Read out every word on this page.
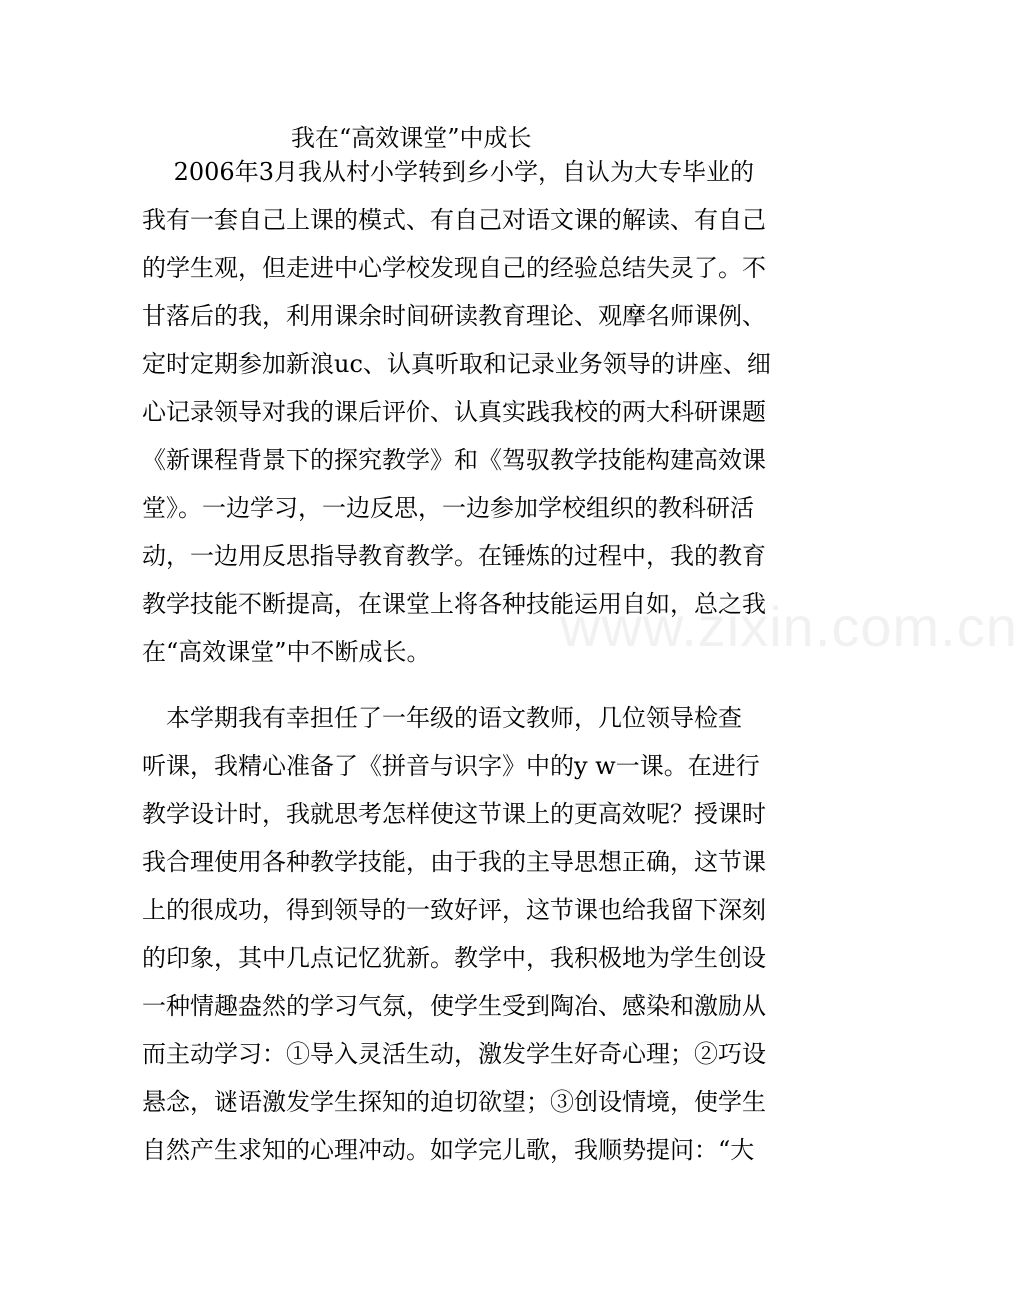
我在“高效课堂”中成长
　 2006年3月我从村小学转到乡小学，自认为大专毕业的
我有一套自己上课的模式、有自己对语文课的解读、有自己
的学生观，但走进中心学校发现自己的经验总结失灵了。不
甘落后的我，利用课余时间研读教育理论、观摩名师课例、
定时定期参加新浪uc、认真听取和记录业务领导的讲座、细
心记录领导对我的课后评价、认真实践我校的两大科研课题
《新课程背景下的探究教学》和《驾驭教学技能构建高效课
堂》。一边学习，一边反思，一边参加学校组织的教科研活
动，一边用反思指导教育教学。在锤炼的过程中，我的教育
教学技能不断提高，在课堂上将各种技能运用自如，总之我
在“高效课堂”中不断成长。
　本学期我有幸担任了一年级的语文教师，几位领导检查
听课，我精心准备了《拼音与识字》中的y w一课。在进行
教学设计时，我就思考怎样使这节课上的更高效呢？授课时
我合理使用各种教学技能，由于我的主导思想正确，这节课
上的很成功，得到领导的一致好评，这节课也给我留下深刻
的印象，其中几点记忆犹新。教学中，我积极地为学生创设
一种情趣盎然的学习气氛，使学生受到陶冶、感染和激励从
而主动学习：①导入灵活生动，激发学生好奇心理；②巧设
悬念，谜语激发学生探知的迫切欲望；③创设情境，使学生
自然产生求知的心理冲动。如学完儿歌，我顺势提问：“大
www.zixin.com.cn
